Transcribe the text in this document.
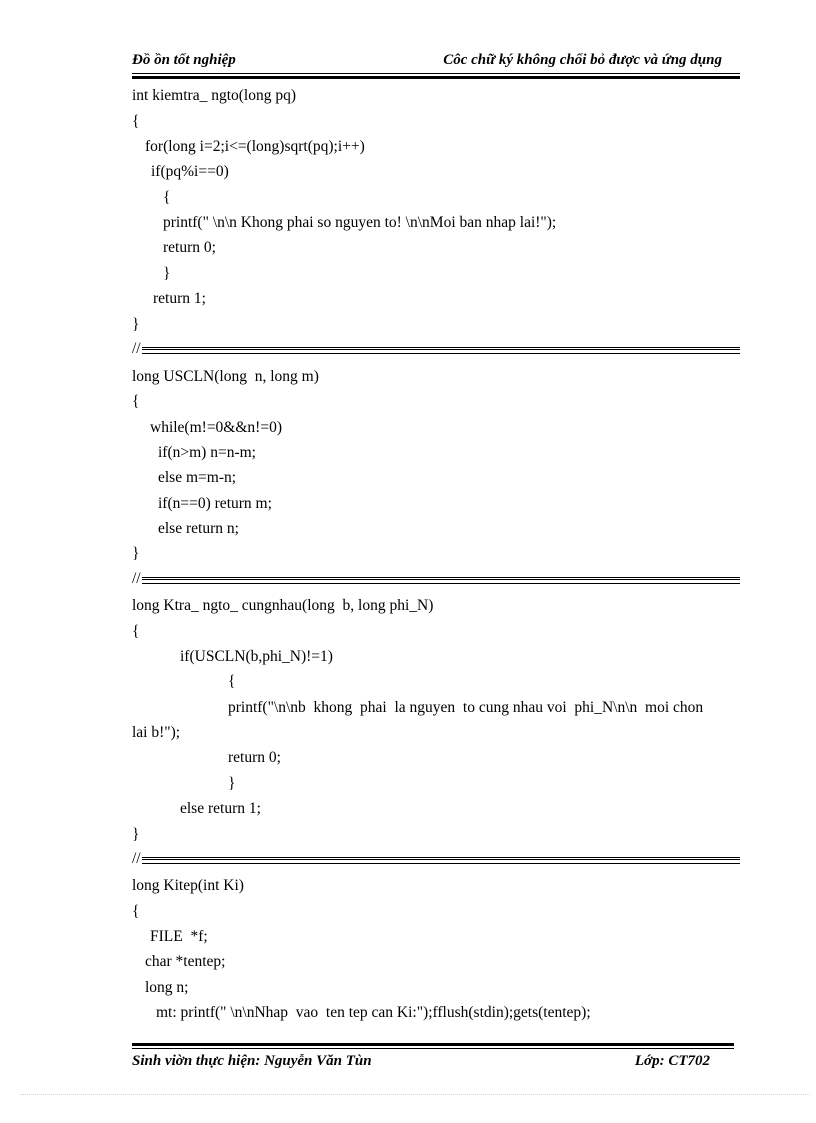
Đồ ồn tốt nghiệp	Côc chữ ký không chối bỏ được và ứng dụng
int kiemtra_ ngto(long pq)
{
for(long i=2;i<=(long)sqrt(pq);i++)
if(pq%i==0)
{
printf(" \n\n Khong phai so nguyen to! \n\nMoi ban nhap lai!");
return 0;
}
return 1;
}
//
long USCLN(long  n, long m)
{
while(m!=0&&n!=0)
if(n>m) n=n-m;
else m=m-n;
if(n==0) return m;
else return n;
}
//
long Ktra_ ngto_ cungnhau(long  b, long phi_N)
{
if(USCLN(b,phi_N)!=1)
{
printf("\n\nb  khong  phai  la nguyen  to cung nhau voi  phi_N\n\n  moi chon
lai b!");
return 0;
}
else return 1;
}
//
long Kitep(int Ki)
{
FILE  *f;
char *tentep;
long n;
mt: printf(" \n\nNhap  vao  ten tep can Ki:");fflush(stdin);gets(tentep);
Sinh viờn thực hiện: Nguyễn Văn Tùn	Lớp: CT702
